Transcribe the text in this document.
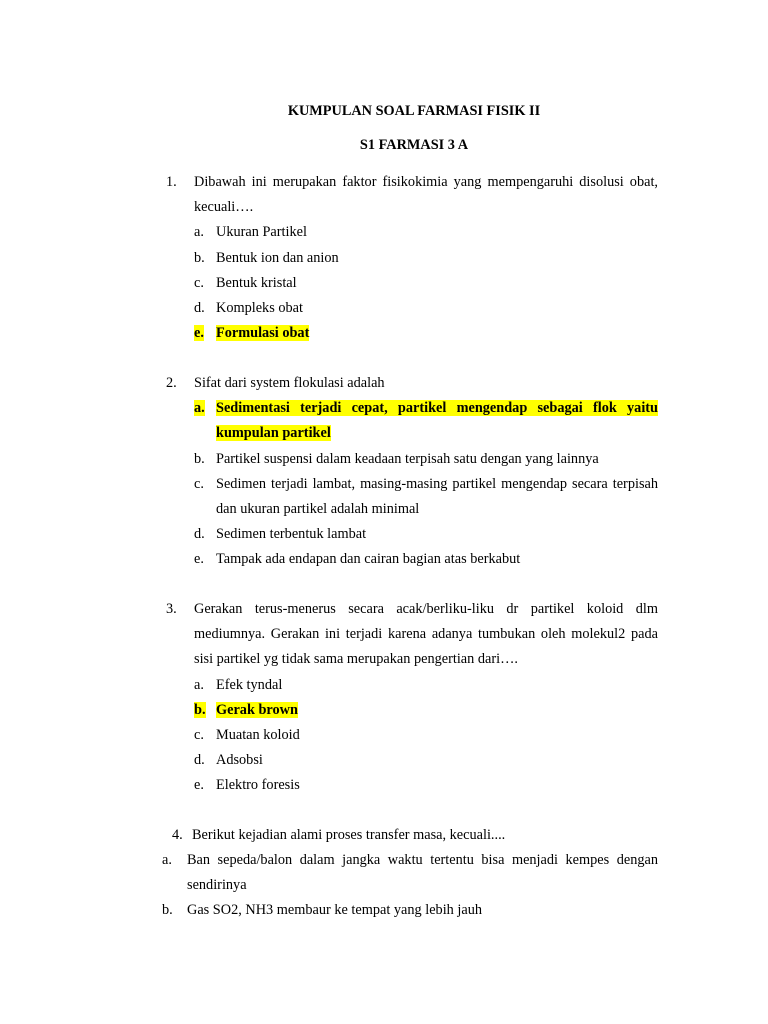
KUMPULAN SOAL FARMASI FISIK II
S1 FARMASI 3 A
1.	Dibawah ini merupakan faktor fisikokimia yang mempengaruhi disolusi obat, kecuali….
a. Ukuran Partikel
b. Bentuk ion dan anion
c. Bentuk kristal
d. Kompleks obat
e. Formulasi obat
2.	Sifat dari system flokulasi adalah
a. Sedimentasi terjadi cepat, partikel mengendap sebagai flok yaitu kumpulan partikel
b. Partikel suspensi dalam keadaan terpisah satu dengan yang lainnya
c. Sedimen terjadi lambat, masing-masing partikel mengendap secara terpisah dan ukuran partikel adalah minimal
d. Sedimen terbentuk lambat
e. Tampak ada endapan dan cairan bagian atas berkabut
3.	Gerakan terus-menerus secara acak/berliku-liku dr partikel koloid dlm mediumnya. Gerakan ini terjadi karena adanya tumbukan oleh molekul2 pada sisi partikel yg tidak sama merupakan pengertian dari….
a. Efek tyndal
b. Gerak brown
c. Muatan koloid
d. Adsobsi
e. Elektro foresis
4. Berikut kejadian alami proses transfer masa, kecuali....
a.	Ban sepeda/balon dalam jangka waktu tertentu bisa menjadi kempes dengan sendirinya
b. Gas SO2, NH3 membaur ke tempat yang lebih jauh
